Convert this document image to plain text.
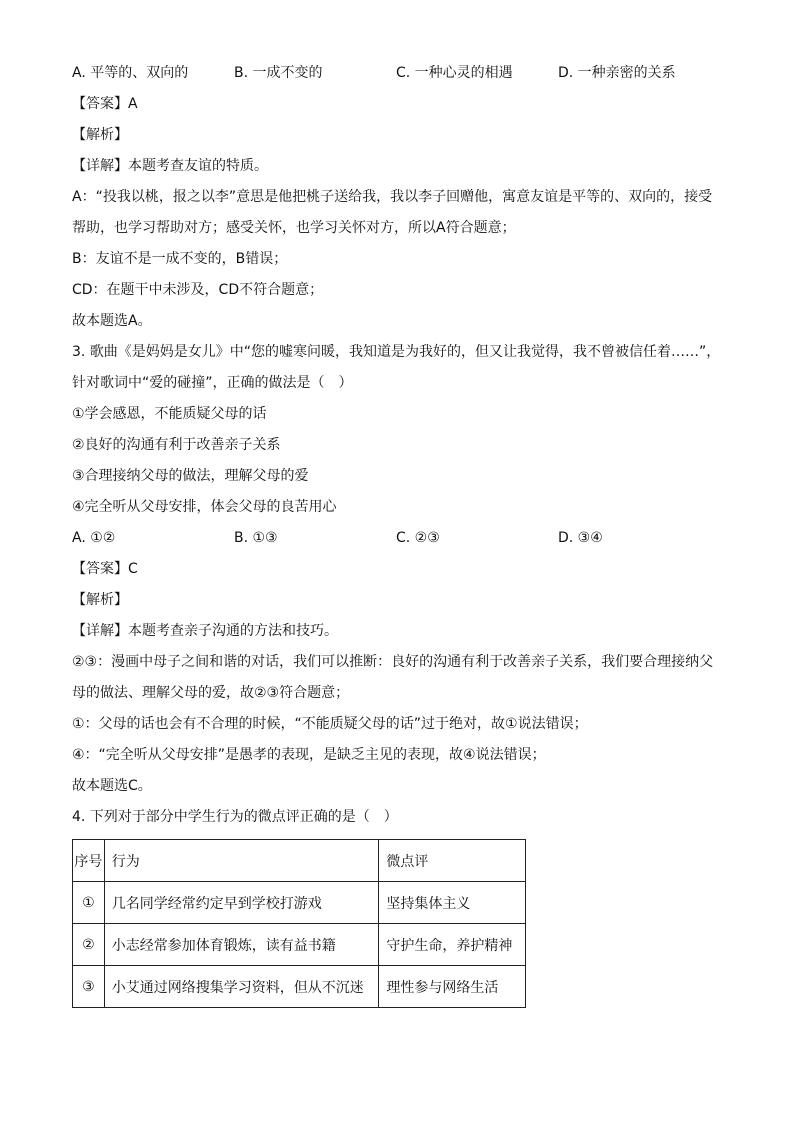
A. 平等的、双向的	B. 一成不变的	C. 一种心灵的相遇	D. 一种亲密的关系
【答案】A
【解析】
【详解】本题考查友谊的特质。
A：“投我以桃，报之以李”意思是他把桃子送给我，我以李子回赠他，寓意友谊是平等的、双向的，接受帮助，也学习帮助对方；感受关怀，也学习关怀对方，所以A符合题意；
B：友谊不是一成不变的，B错误；
CD：在题干中未涉及，CD不符合题意；
故本题选A。
3. 歌曲《是妈妈是女儿》中“您的嘘寒问暖，我知道是为我好的，但又让我觉得，我不曾被信任着……”，针对歌词中“爱的碰撞”，正确的做法是（　）
①学会感恩，不能质疑父母的话
②良好的沟通有利于改善亲子关系
③合理接纳父母的做法，理解父母的爱
④完全听从父母安排，体会父母的良苦用心
A. ①②	B. ①③	C. ②③	D. ③④
【答案】C
【解析】
【详解】本题考查亲子沟通的方法和技巧。
②③：漫画中母子之间和谐的对话，我们可以推断：良好的沟通有利于改善亲子关系，我们要合理接纳父母的做法、理解父母的爱，故②③符合题意；
①：父母的话也会有不合理的时候，“不能质疑父母的话”过于绝对，故①说法错误；
④：“完全听从父母安排”是愚孝的表现，是缺乏主见的表现，故④说法错误；
故本题选C。
4. 下列对于部分中学生行为的微点评正确的是（　）
序号	行为	微点评
①	几名同学经常约定早到学校打游戏	坚持集体主义
②	小志经常参加体育锻炼，读有益书籍	守护生命，养护精神
③	小艾通过网络搜集学习资料，但从不沉迷	理性参与网络生活
